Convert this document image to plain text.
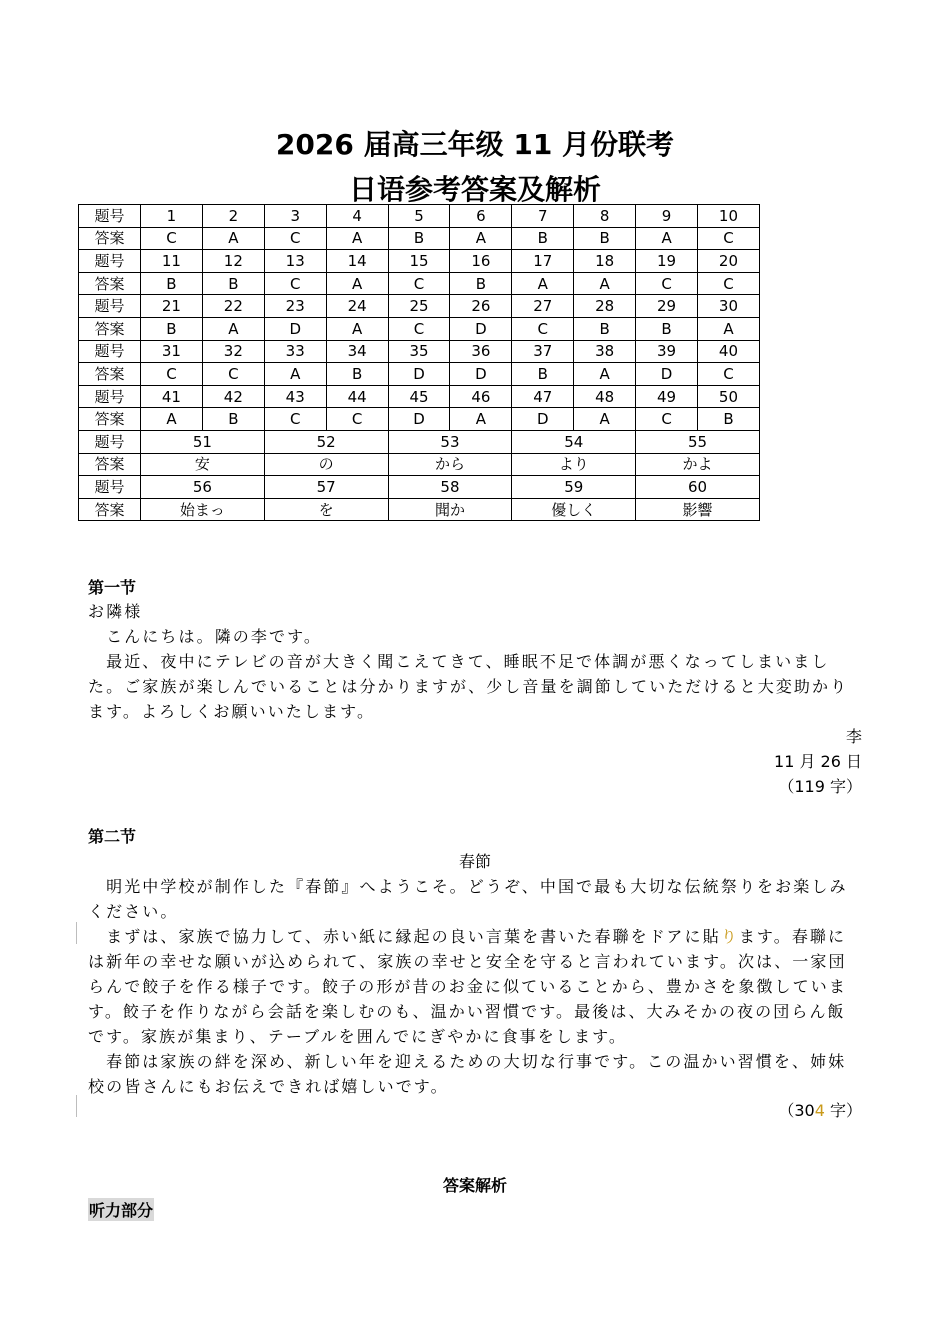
2026 届高三年级 11 月份联考
日语参考答案及解析
题号	1	2	3	4	5	6	7	8	9	10
答案	C	A	C	A	B	A	B	B	A	C
题号	11	12	13	14	15	16	17	18	19	20
答案	B	B	C	A	C	B	A	A	C	C
题号	21	22	23	24	25	26	27	28	29	30
答案	B	A	D	A	C	D	C	B	B	A
题号	31	32	33	34	35	36	37	38	39	40
答案	C	C	A	B	D	D	B	A	D	C
题号	41	42	43	44	45	46	47	48	49	50
答案	A	B	C	C	D	A	D	A	C	B
题号	51		52		53		54		55	
答案	安		の		から		より		かよ	
题号	56		57		58		59		60	
答案	始まっ		を		聞か		優しく		影響	
第一节
お隣様
　こんにちは。隣の李です。
　最近、夜中にテレビの音が大きく聞こえてきて、睡眠不足で体調が悪くなってしまいました。ご家族が楽しんでいることは分かりますが、少し音量を調節していただけると大変助かります。よろしくお願いいたします。
李
11 月 26 日
（119 字）
第二节
春節
　明光中学校が制作した『春節』へようこそ。どうぞ、中国で最も大切な伝統祭りをお楽しみください。
　まずは、家族で協力して、赤い紙に縁起の良い言葉を書いた春聯をドアに貼ります。春聯には新年の幸せな願いが込められて、家族の幸せと安全を守ると言われています。次は、一家団らんで餃子を作る様子です。餃子の形が昔のお金に似ていることから、豊かさを象徴しています。餃子を作りながら会話を楽しむのも、温かい習慣です。最後は、大みそかの夜の団らん飯です。家族が集まり、テーブルを囲んでにぎやかに食事をします。
　春節は家族の絆を深め、新しい年を迎えるための大切な行事です。この温かい習慣を、姉妹校の皆さんにもお伝えできれば嬉しいです。
（304 字）
答案解析
听力部分
